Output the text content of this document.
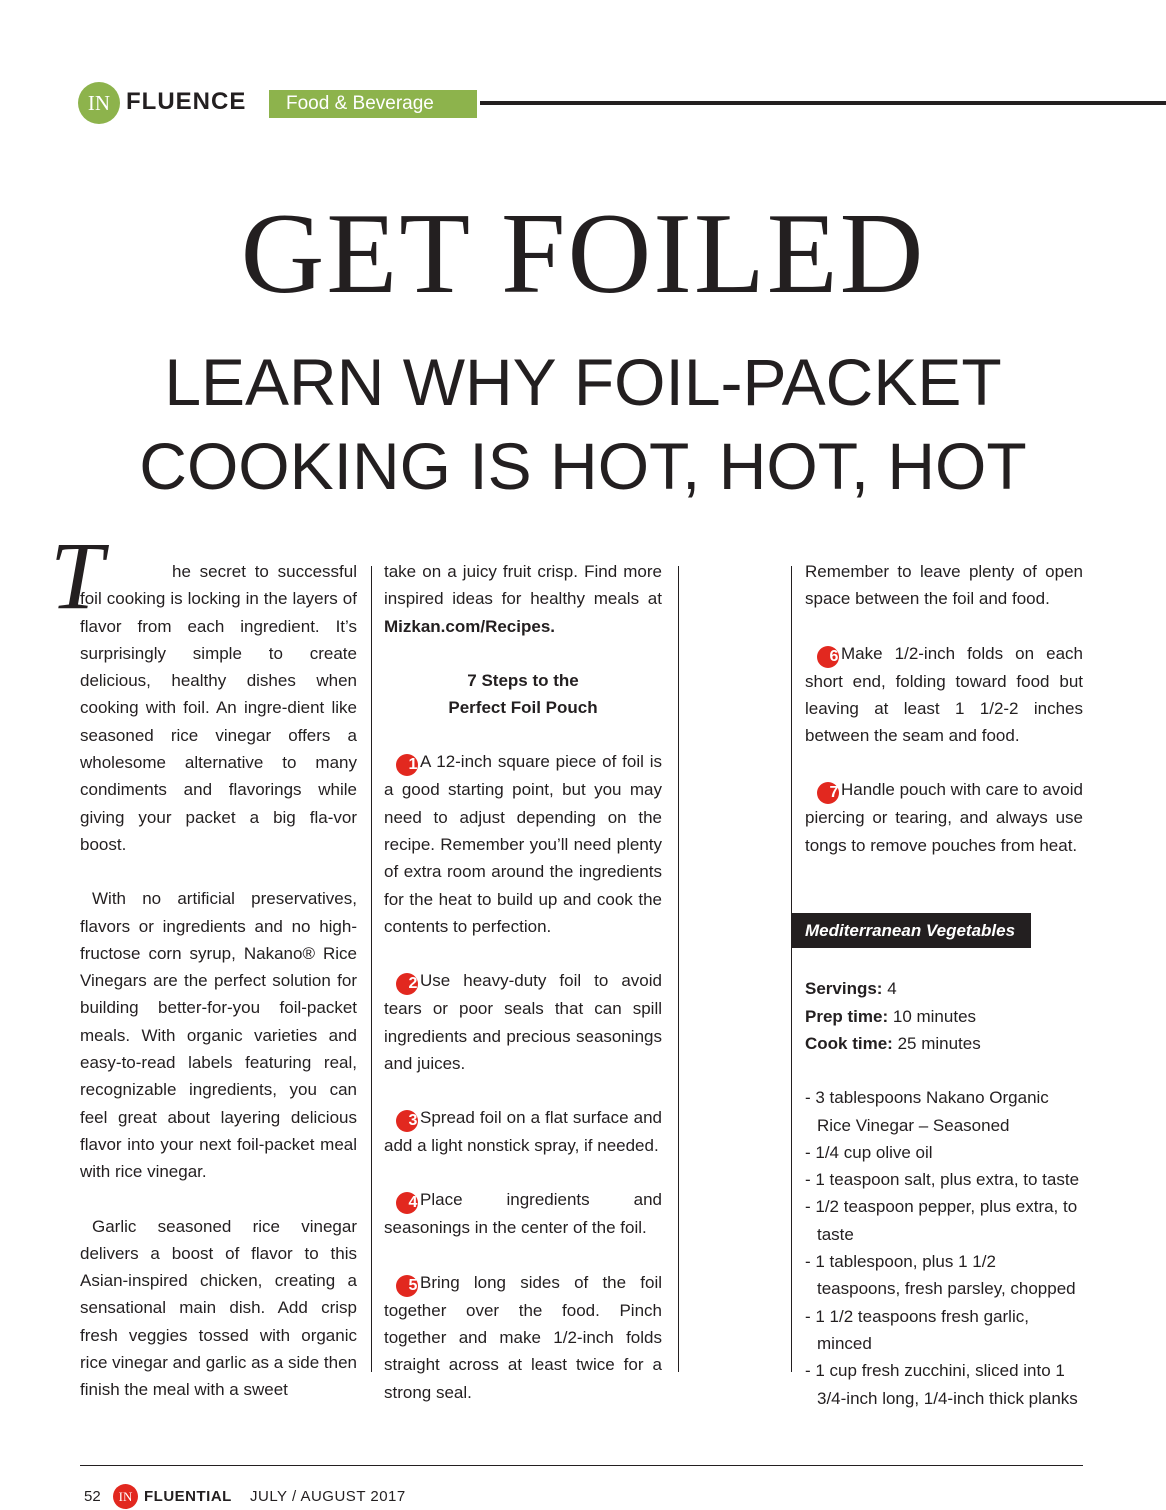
IN FLUENCE	Food & Beverage
GET FOILED
LEARN WHY FOIL-PACKET
COOKING IS HOT, HOT, HOT
T	he secret to successful foil cooking is locking in the layers of flavor from each ingredient. It’s surprisingly simple to create delicious, healthy dishes when cooking with foil. An ingre-dient like seasoned rice vinegar offers a wholesome alternative to many condiments and flavorings while giving your packet a big fla-vor boost.

With no artificial preservatives, flavors or ingredients and no high-fructose corn syrup, Nakano® Rice Vinegars are the perfect solution for building better-for-you foil-packet meals. With organic varieties and easy-to-read labels featuring real, recognizable ingredients, you can feel great about layering delicious flavor into your next foil-packet meal with rice vinegar.

Garlic seasoned rice vinegar delivers a boost of flavor to this Asian-inspired chicken, creating a sensational main dish. Add crisp fresh veggies tossed with organic rice vinegar and garlic as a side then finish the meal with a sweet

take on a juicy fruit crisp. Find more inspired ideas for healthy meals at Mizkan.com/Recipes.

7 Steps to the

Perfect Foil Pouch

1 A 12-inch square piece of foil is a good starting point, but you may need to adjust depending on the recipe. Remember you’ll need plenty of extra room around the ingredients for the heat to build up and cook the contents to perfection.

2 Use heavy-duty foil to avoid tears or poor seals that can spill ingredients and precious seasonings and juices.

3 Spread foil on a flat surface and add a light nonstick spray, if needed.

4 Place ingredients and seasonings in the center of the foil.

5 Bring long sides of the foil together over the food. Pinch together and make 1/2-inch folds straight across at least twice for a strong seal.

Remember to leave plenty of open space between the foil and food.

6 Make 1/2-inch folds on each short end, folding toward food but leaving at least 1 1/2-2 inches between the seam and food.

7 Handle pouch with care to avoid piercing or tearing, and always use tongs to remove pouches from heat.

Mediterranean Vegetables

Servings: 4

Prep time: 10 minutes

Cook time: 25 minutes

- 3 tablespoons Nakano Organic Rice Vinegar – Seasoned

- 1/4 cup olive oil

- 1 teaspoon salt, plus extra, to taste

- 1/2 teaspoon pepper, plus extra, to taste

- 1 tablespoon, plus 1 1/2 teaspoons, fresh parsley, chopped

- 1 1/2 teaspoons fresh garlic, minced

- 1 cup fresh zucchini, sliced into 1 3/4-inch long, 1/4-inch thick planks

52	IN FLUENTIAL JULY / AUGUST 2017
